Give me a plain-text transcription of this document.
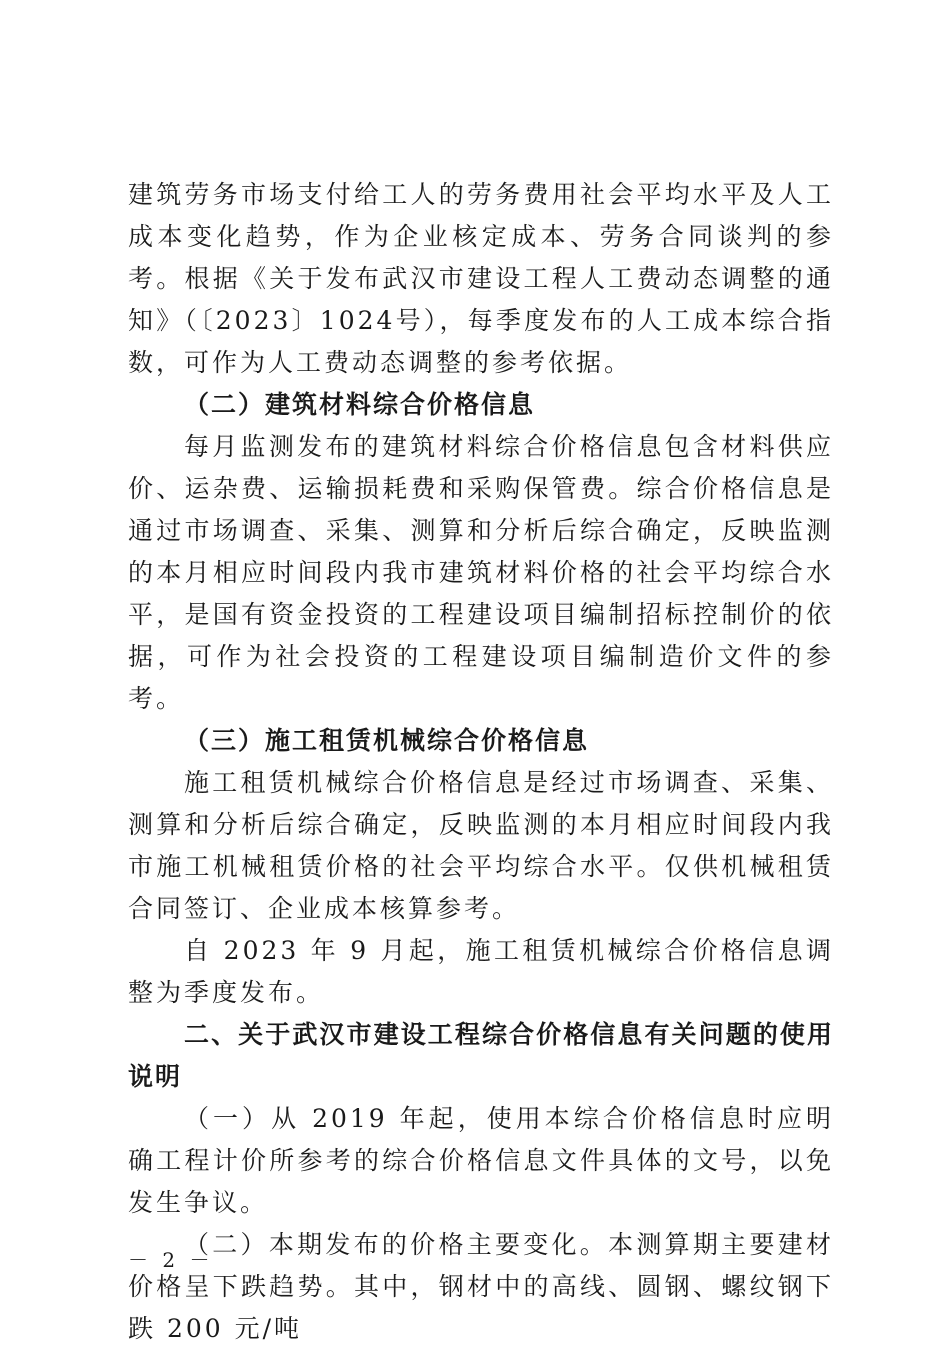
建筑劳务市场支付给工人的劳务费用社会平均水平及人工成本变化趋势，作为企业核定成本、劳务合同谈判的参考。根据《关于发布武汉市建设工程人工费动态调整的通知》（〔2023〕1024号），每季度发布的人工成本综合指数，可作为人工费动态调整的参考依据。

（二）建筑材料综合价格信息

每月监测发布的建筑材料综合价格信息包含材料供应价、运杂费、运输损耗费和采购保管费。综合价格信息是通过市场调查、采集、测算和分析后综合确定，反映监测的本月相应时间段内我市建筑材料价格的社会平均综合水平，是国有资金投资的工程建设项目编制招标控制价的依据，可作为社会投资的工程建设项目编制造价文件的参考。

（三）施工租赁机械综合价格信息

施工租赁机械综合价格信息是经过市场调查、采集、测算和分析后综合确定，反映监测的本月相应时间段内我市施工机械租赁价格的社会平均综合水平。仅供机械租赁合同签订、企业成本核算参考。

自 2023 年 9 月起，施工租赁机械综合价格信息调整为季度发布。

二、关于武汉市建设工程综合价格信息有关问题的使用说明

（一）从 2019 年起，使用本综合价格信息时应明确工程计价所参考的综合价格信息文件具体的文号，以免发生争议。

（二）本期发布的价格主要变化。本测算期主要建材价格呈下跌趋势。其中，钢材中的高线、圆钢、螺纹钢下跌 200 元/吨

－ 2 －
